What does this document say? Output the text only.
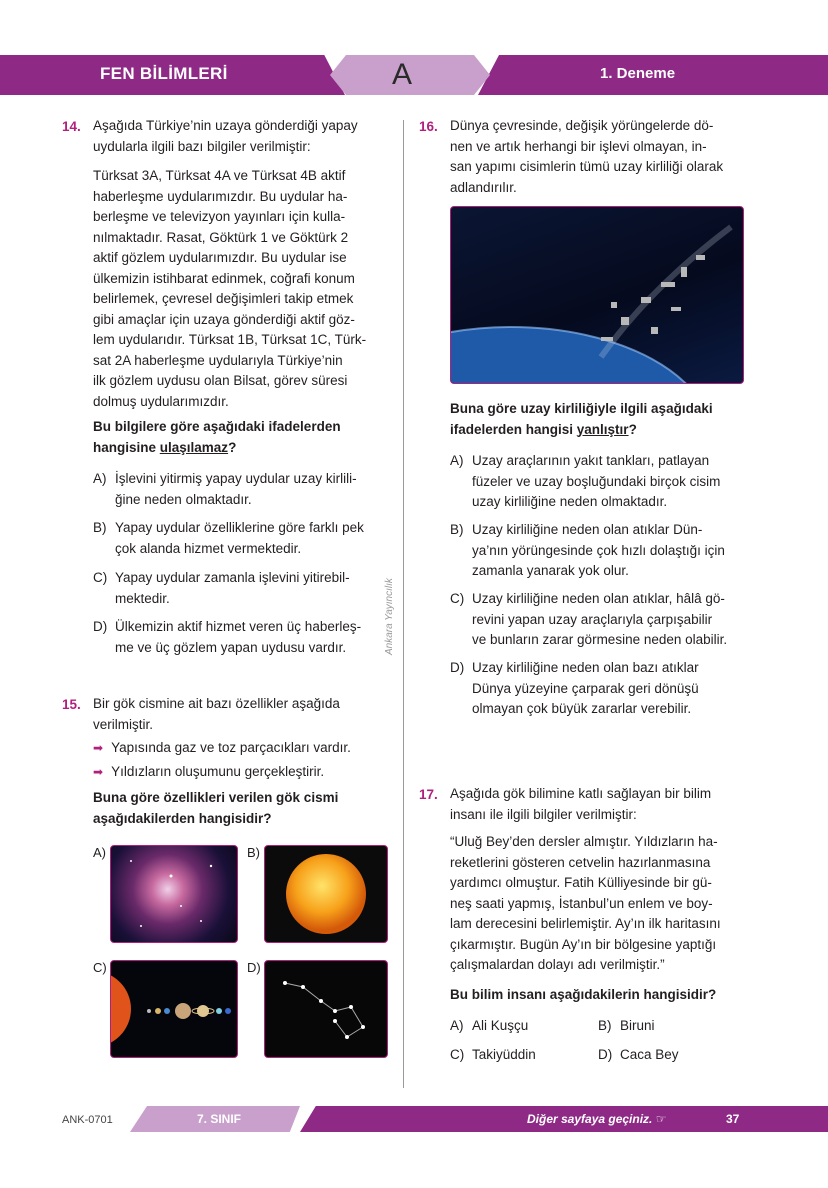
FEN BİLİMLERİ	A	1. Deneme
Ankara Yayıncılık
14. Aşağıda Türkiye’nin uzaya gönderdiği yapay
uydularla ilgili bazı bilgiler verilmiştir:
Türksat 3A, Türksat 4A ve Türksat 4B aktif
haberleşme uydularımızdır. Bu uydular ha-
berleşme ve televizyon yayınları için kulla-
nılmaktadır. Rasat, Göktürk 1 ve Göktürk 2
aktif gözlem uydularımızdır. Bu uydular ise
ülkemizin istihbarat edinmek, coğrafi konum
belirlemek, çevresel değişimleri takip etmek
gibi amaçlar için uzaya gönderdiği aktif göz-
lem uydularıdır. Türksat 1B, Türksat 1C, Türk-
sat 2A haberleşme uydularıyla Türkiye’nin
ilk gözlem uydusu olan Bilsat, görev süresi
dolmuş uydularımızdır.
Bu bilgilere göre aşağıdaki ifadelerden
hangisine ulaşılamaz?
A) İşlevini yitirmiş yapay uydular uzay kirlili-
ğine neden olmaktadır.
B) Yapay uydular özelliklerine göre farklı pek
çok alanda hizmet vermektedir.
C) Yapay uydular zamanla işlevini yitirebil-
mektedir.
D) Ülkemizin aktif hizmet veren üç haberleş-
me ve üç gözlem yapan uydusu vardır.
15. Bir gök cismine ait bazı özellikler aşağıda
verilmiştir.
➡ Yapısında gaz ve toz parçacıkları vardır.
➡ Yıldızların oluşumunu gerçekleştirir.
Buna göre özellikleri verilen gök cismi
aşağıdakilerden hangisidir?
A)	B)
C)	D)
16. Dünya çevresinde, değişik yörüngelerde dö-
nen ve artık herhangi bir işlevi olmayan, in-
san yapımı cisimlerin tümü uzay kirliliği olarak
adlandırılır.
Buna göre uzay kirliliğiyle ilgili aşağıdaki
ifadelerden hangisi yanlıştır?
A) Uzay araçlarının yakıt tankları, patlayan
füzeler ve uzay boşluğundaki birçok cisim
uzay kirliliğine neden olmaktadır.
B) Uzay kirliliğine neden olan atıklar Dün-
ya’nın yörüngesinde çok hızlı dolaştığı için
zamanla yanarak yok olur.
C) Uzay kirliliğine neden olan atıklar, hâlâ gö-
revini yapan uzay araçlarıyla çarpışabilir
ve bunların zarar görmesine neden olabilir.
D) Uzay kirliliğine neden olan bazı atıklar
Dünya yüzeyine çarparak geri dönüşü
olmayan çok büyük zararlar verebilir.
17. Aşağıda gök bilimine katlı sağlayan bir bilim
insanı ile ilgili bilgiler verilmiştir:
“Uluğ Bey’den dersler almıştır. Yıldızların ha-
reketlerini gösteren cetvelin hazırlanmasına
yardımcı olmuştur. Fatih Külliyesinde bir gü-
neş saati yapmış, İstanbul’un enlem ve boy-
lam derecesini belirlemiştir. Ay’ın ilk haritasını
çıkarmıştır. Bugün Ay’ın bir bölgesine yaptığı
çalışmalardan dolayı adı verilmiştir.”
Bu bilim insanı aşağıdakilerin hangisidir?
A) Ali Kuşçu	B) Biruni
C) Takiyüddin	D) Caca Bey
ANK-0701	7. SINIF	Diğer sayfaya geçiniz. ☞	37
